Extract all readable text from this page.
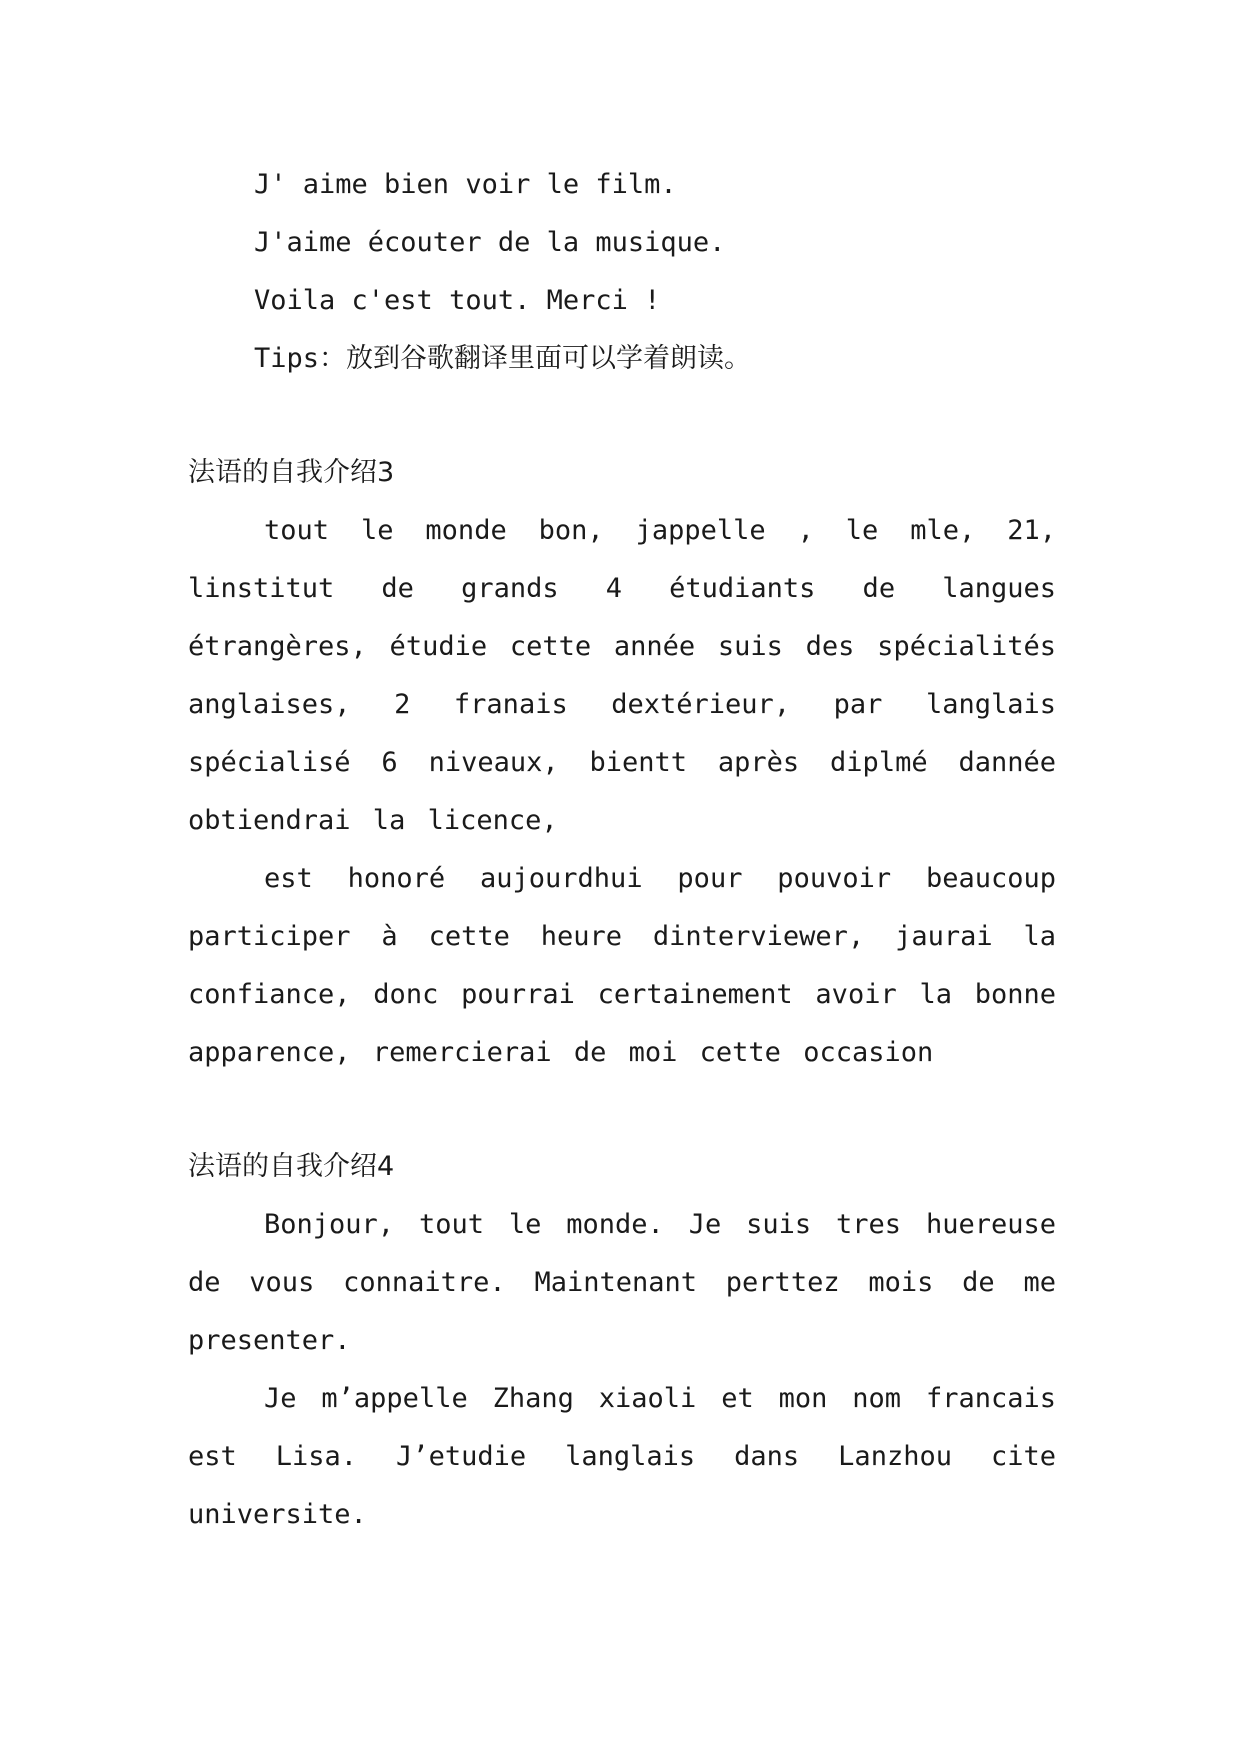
J' aime bien voir le film.
J'aime écouter de la musique.
Voila c'est tout. Merci !
Tips：放到谷歌翻译里面可以学着朗读。
法语的自我介绍3
tout le monde bon, jappelle , le mle, 21, linstitut de grands 4 étudiants de langues étrangères, étudie cette année suis des spécialités anglaises, 2 franais dextérieur, par langlais spécialisé 6 niveaux, bientt après diplmé dannée obtiendrai la licence,
est honoré aujourdhui pour pouvoir beaucoup participer à cette heure dinterviewer, jaurai la confiance, donc pourrai certainement avoir la bonne apparence, remercierai de moi cette occasion
法语的自我介绍4
Bonjour, tout le monde. Je suis tres huereuse de vous connaitre. Maintenant perttez mois de me presenter.
Je m’appelle Zhang xiaoli et mon nom francais est Lisa. J’etudie langlais dans Lanzhou cite universite.
